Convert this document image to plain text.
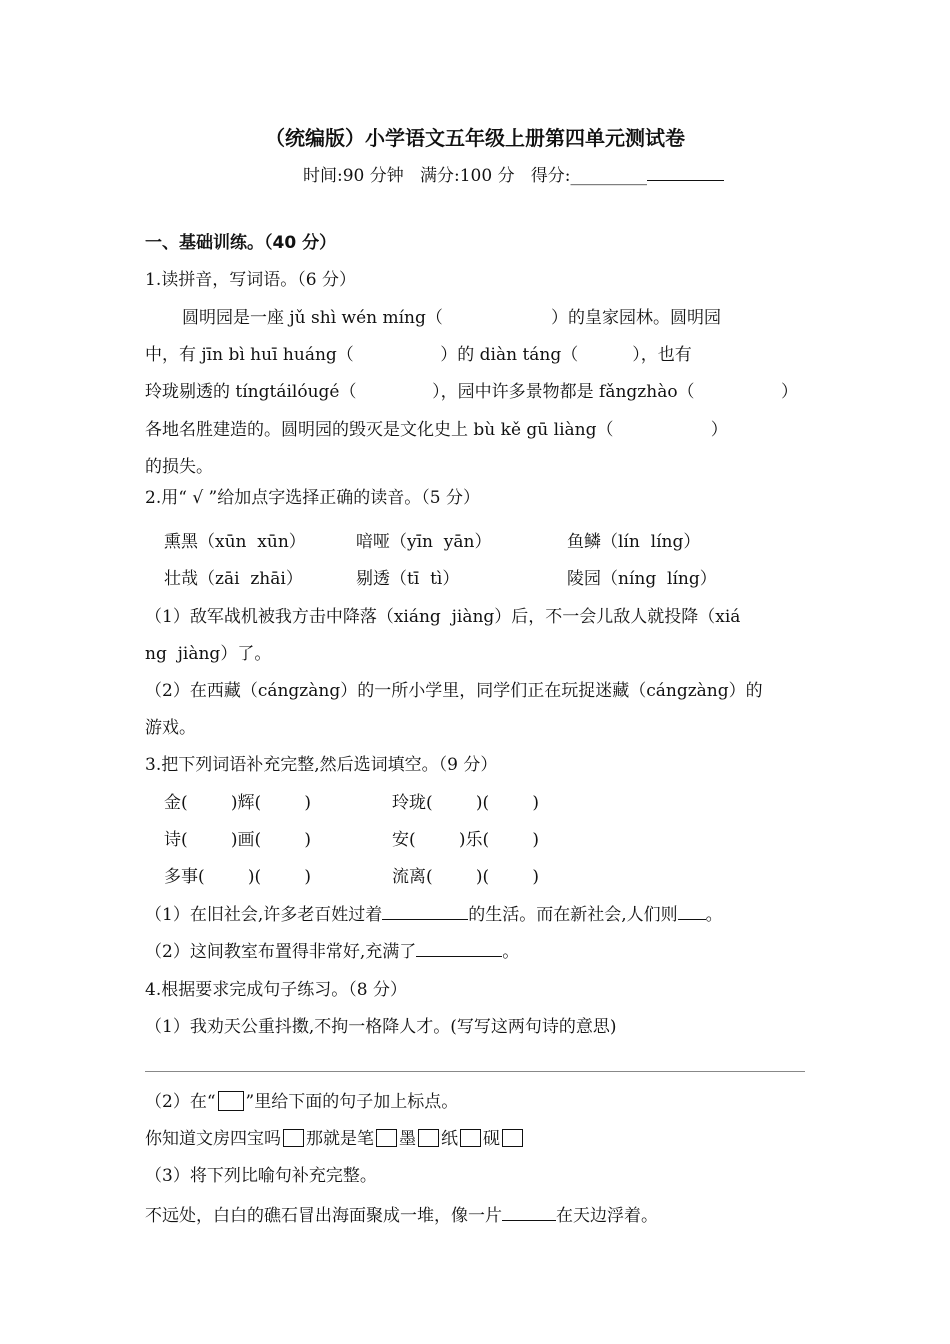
（统编版）小学语文五年级上册第四单元测试卷
时间:90 分钟 满分:100 分 得分:_________
一、基础训练。（40 分）
1.读拼音，写词语。（6 分）
圆明园是一座 jǔ shì wén míng（                    ）的皇家园林。圆明园
中，有 jīn bì huī huáng（                ）的 diàn táng（          ），也有
玲珑剔透的 tíngtáilóugé（              ），园中许多景物都是 fǎngzhào（                ）
各地名胜建造的。圆明园的毁灭是文化史上 bù kě gū liàng（                  ）
的损失。
2.用“ √ ”给加点字选择正确的读音。（5 分）
熏黑（xūn  xūn）	喑哑（yīn  yān）	鱼鳞（lín  líng）
壮哉（zāi  zhāi）	剔透（tī  tì）	陵园（níng  líng）
（1）敌军战机被我方击中降落（xiáng  jiàng）后，不一会儿敌人就投降（xiá
ng  jiàng）了。
（2）在西藏（cángzàng）的一所小学里，同学们正在玩捉迷藏（cángzàng）的
游戏。
3.把下列词语补充完整,然后选词填空。（9 分）
金(        )辉(        )	玲珑(        )(        )
诗(        )画(        )	安(        )乐(        )
多事(        )(        )	流离(        )(        )
（1）在旧社会,许多老百姓过着	的生活。而在新社会,人们则 。
（2）这间教室布置得非常好,充满了	。
4.根据要求完成句子练习。（8 分）
（1）我劝天公重抖擞,不拘一格降人才。(写写这两句诗的意思)
（2）在“ ”里给下面的句子加上标点。
你知道文房四宝吗 那就是笔 墨 纸 砚
（3）将下列比喻句补充完整。
不远处，白白的礁石冒出海面聚成一堆，像一片	在天边浮着。
